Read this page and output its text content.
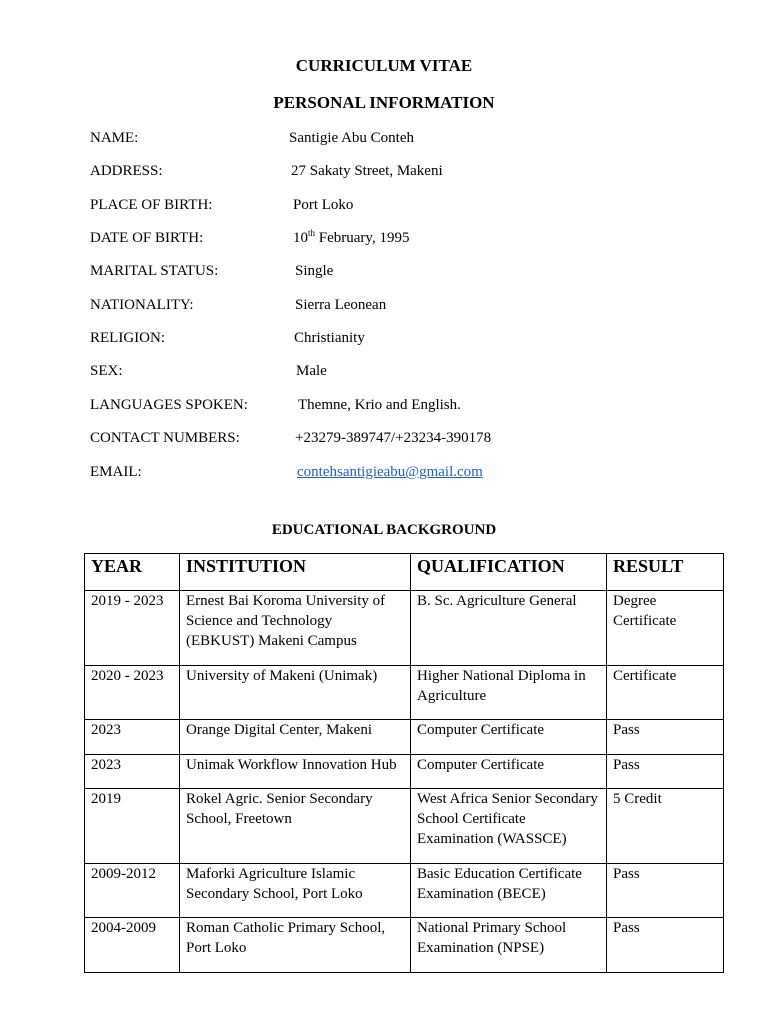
CURRICULUM VITAE
PERSONAL INFORMATION
NAME:	Santigie Abu Conteh
ADDRESS:	27 Sakaty Street, Makeni
PLACE OF BIRTH:	Port Loko
DATE OF BIRTH:	10th February, 1995
MARITAL STATUS:	Single
NATIONALITY:	Sierra Leonean
RELIGION:	Christianity
SEX:	Male
LANGUAGES SPOKEN:	Themne, Krio and English.
CONTACT NUMBERS:	+23279-389747/+23234-390178
EMAIL:	contehsantigieabu@gmail.com
EDUCATIONAL BACKGROUND
YEAR	INSTITUTION	QUALIFICATION	RESULT
2019 - 2023	Ernest Bai Koroma University of Science and Technology (EBKUST) Makeni Campus	B. Sc. Agriculture General	Degree Certificate
2020 - 2023	University of Makeni (Unimak)	Higher National Diploma in Agriculture	Certificate
2023	Orange Digital Center, Makeni	Computer Certificate	Pass
2023	Unimak Workflow Innovation Hub	Computer Certificate	Pass
2019	Rokel Agric. Senior Secondary School, Freetown	West Africa Senior Secondary School Certificate Examination (WASSCE)	5 Credit
2009-2012	Maforki Agriculture Islamic Secondary School, Port Loko	Basic Education Certificate Examination (BECE)	Pass
2004-2009	Roman Catholic Primary School, Port Loko	National Primary School Examination (NPSE)	Pass
